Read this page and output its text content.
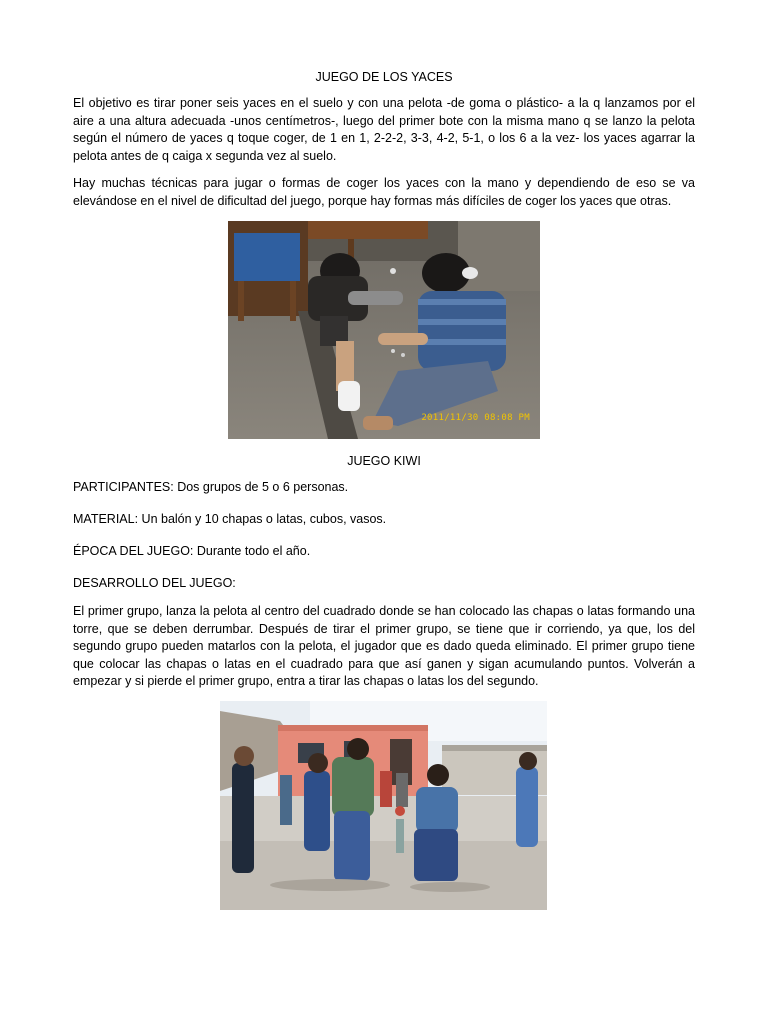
JUEGO DE LOS YACES

El objetivo es tirar poner seis yaces en el suelo y con una pelota -de goma o plástico- a la q lanzamos por el aire a una altura adecuada -unos centímetros-, luego del primer bote con la misma mano q se lanzo la pelota según el número de yaces q toque coger, de 1 en 1, 2-2-2, 3-3, 4-2, 5-1, o los 6 a la vez- los yaces agarrar la pelota antes de q caiga x segunda vez al suelo.

Hay muchas técnicas para jugar o formas de coger los yaces con la mano y dependiendo de eso se va elevándose en el nivel de dificultad del juego, porque hay formas más difíciles de coger los yaces que otras.

2011/11/30 08:08 PM
JUEGO KIWI

PARTICIPANTES: Dos grupos de 5 o 6 personas.

MATERIAL: Un balón y 10 chapas o latas, cubos, vasos.

ÉPOCA DEL JUEGO: Durante todo el año.

DESARROLLO DEL JUEGO:

El primer grupo, lanza la pelota al centro del cuadrado donde se han colocado las chapas o latas formando una torre, que se deben derrumbar. Después de tirar el primer grupo, se tiene que ir corriendo, ya que, los del segundo grupo pueden matarlos con la pelota, el jugador que es dado queda eliminado. El primer grupo tiene que colocar las chapas o latas en el cuadrado para que así ganen y sigan acumulando puntos. Volverán a empezar y si pierde el primer grupo, entra a tirar las chapas o latas los del segundo.
